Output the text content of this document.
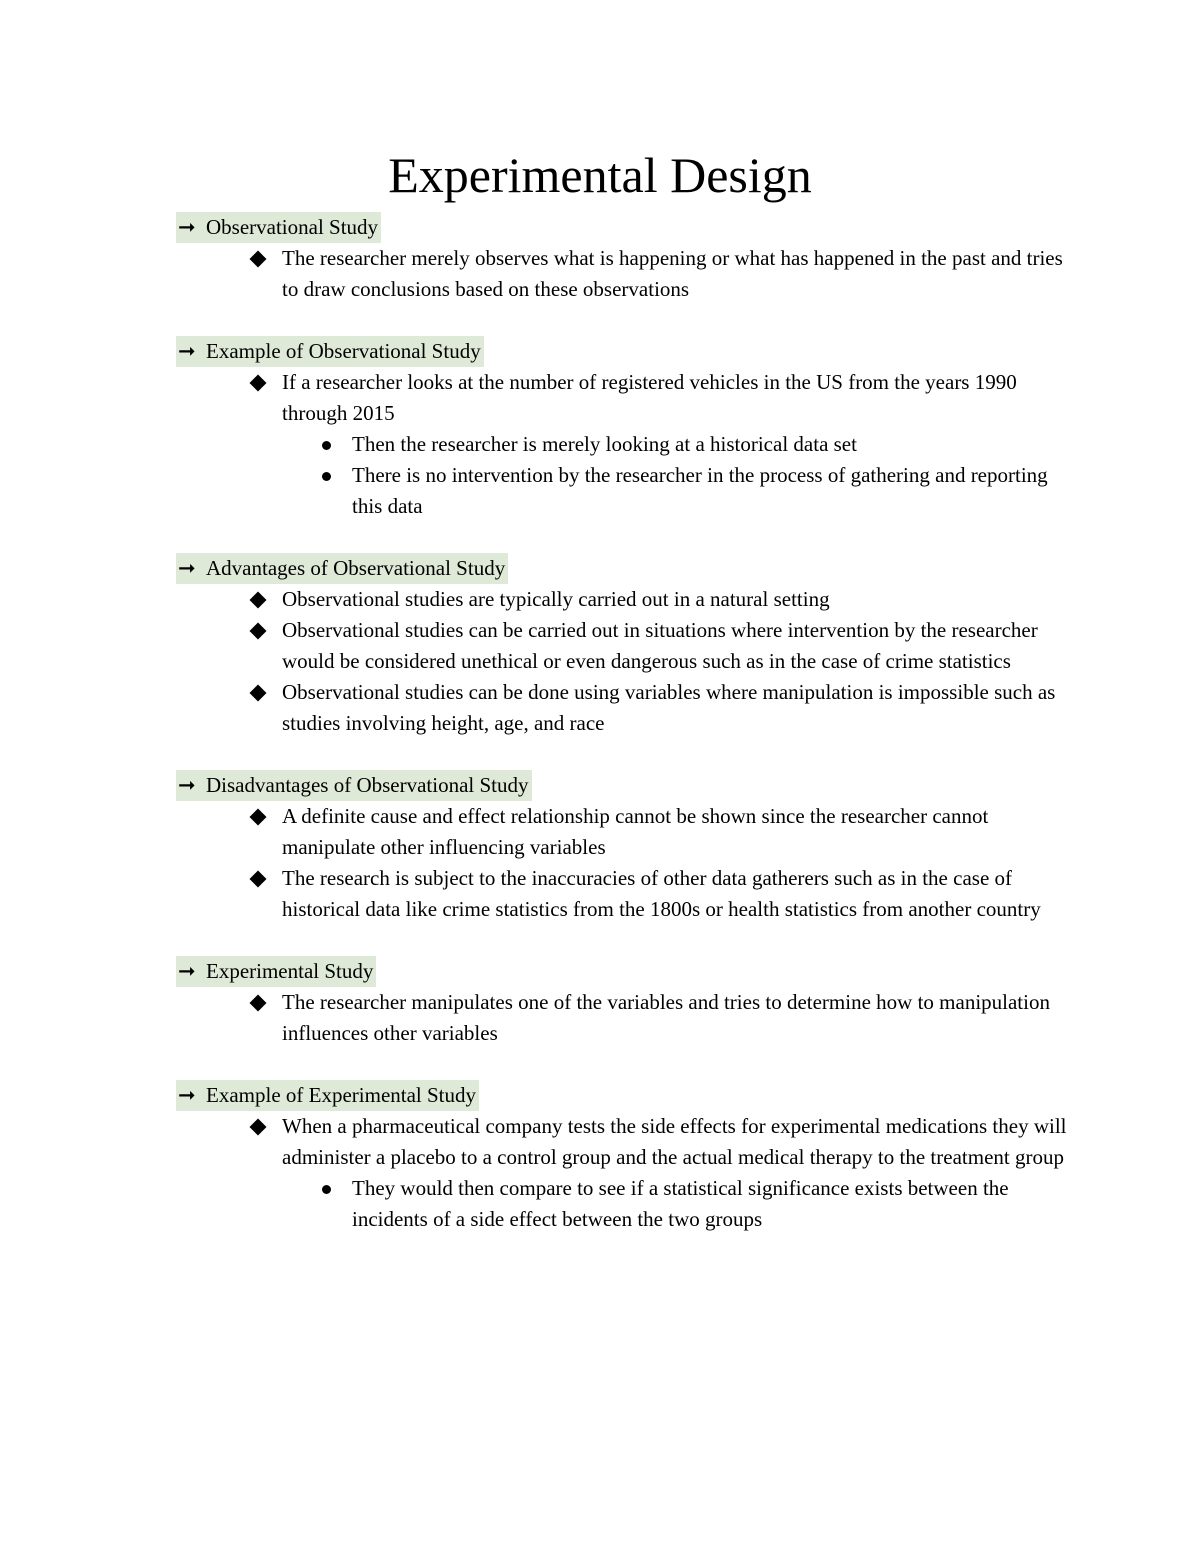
Experimental Design
➞ Observational Study
The researcher merely observes what is happening or what has happened in the past and tries to draw conclusions based on these observations
➞ Example of Observational Study
If a researcher looks at the number of registered vehicles in the US from the years 1990 through 2015
Then the researcher is merely looking at a historical data set
There is no intervention by the researcher in the process of gathering and reporting this data
➞ Advantages of Observational Study
Observational studies are typically carried out in a natural setting
Observational studies can be carried out in situations where intervention by the researcher would be considered unethical or even dangerous such as in the case of crime statistics
Observational studies can be done using variables where manipulation is impossible such as studies involving height, age, and race
➞ Disadvantages of Observational Study
A definite cause and effect relationship cannot be shown since the researcher cannot manipulate other influencing variables
The research is subject to the inaccuracies of other data gatherers such as in the case of historical data like crime statistics from the 1800s or health statistics from another country
➞ Experimental Study
The researcher manipulates one of the variables and tries to determine how to manipulation influences other variables
➞ Example of Experimental Study
When a pharmaceutical company tests the side effects for experimental medications they will administer a placebo to a control group and the actual medical therapy to the treatment group
They would then compare to see if a statistical significance exists between the incidents of a side effect between the two groups
